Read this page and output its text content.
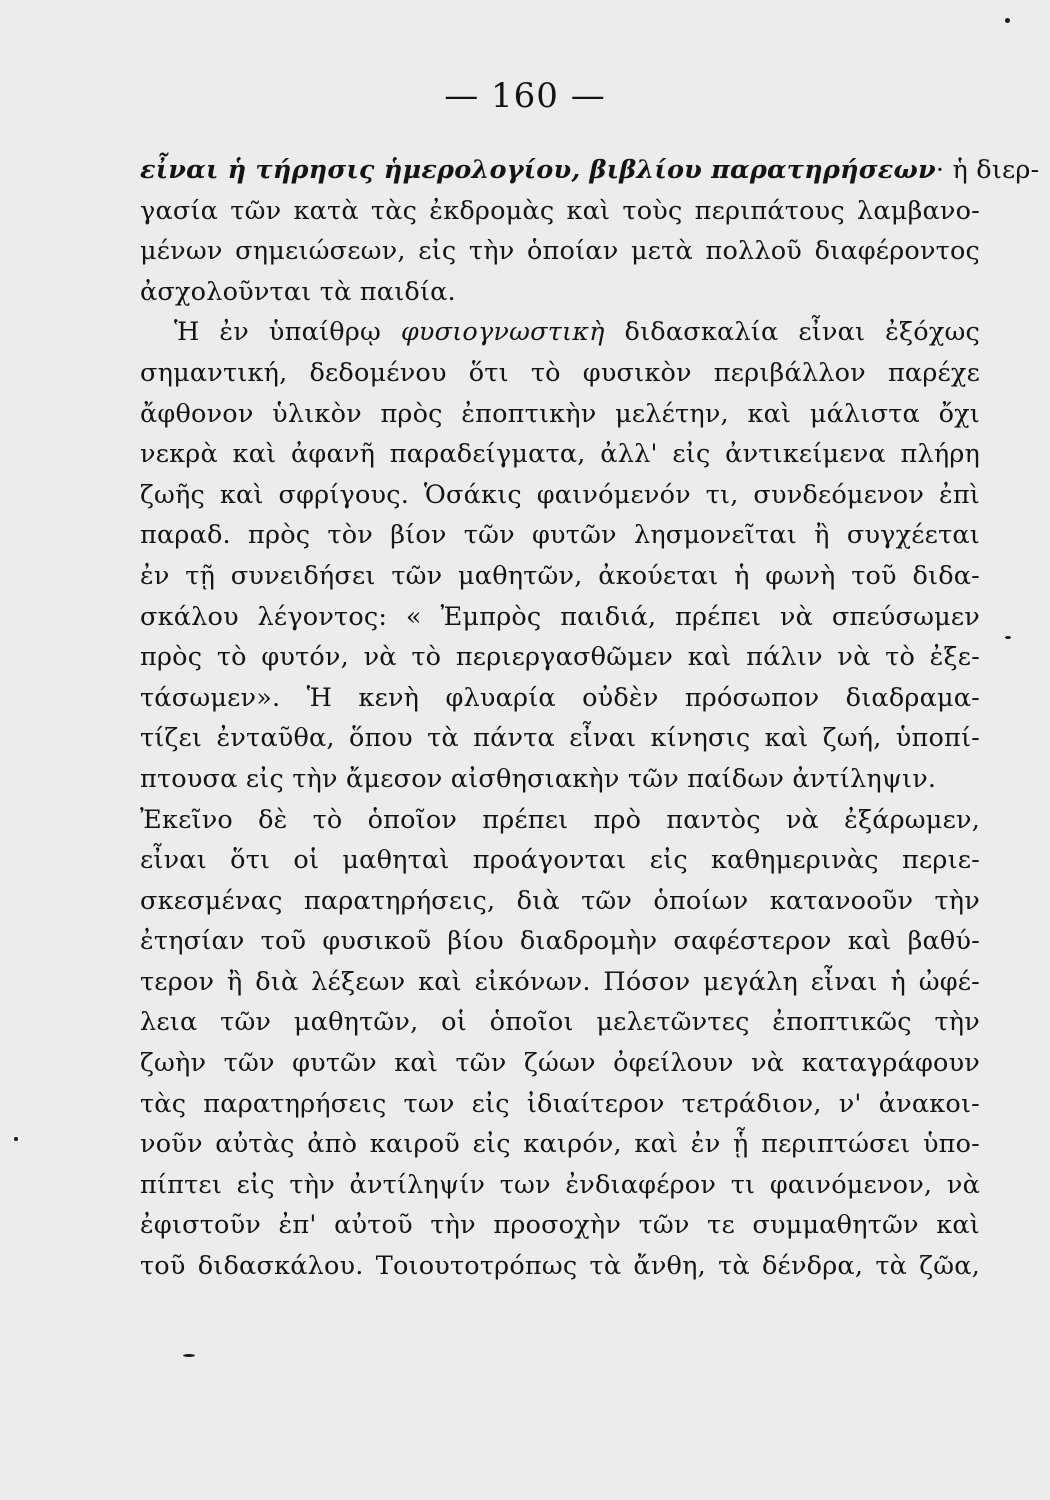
— 160 —
εἶναι ἡ τήρησις ἡμερολογίου, βιβλίου παρατηρήσεων· ἡ διερ-
γασία τῶν κατὰ τὰς ἐκδρομὰς καὶ τοὺς περιπάτους λαμβανο-
μένων σημειώσεων, εἰς τὴν ὁποίαν μετὰ πολλοῦ διαφέροντος
ἀσχολοῦνται τὰ παιδία.
Ἡ ἐν ὑπαίθρῳ φυσιογνωστικὴ διδασκαλία εἶναι ἐξόχως
σημαντική, δεδομένου ὅτι τὸ φυσικὸν περιβάλλον παρέχε
ἄφθονον ὑλικὸν πρὸς ἐποπτικὴν μελέτην, καὶ μάλιστα ὄχι
νεκρὰ καὶ ἀφανῆ παραδείγματα, ἀλλ' εἰς ἀντικείμενα πλήρη
ζωῆς καὶ σφρίγους. Ὁσάκις φαινόμενόν τι, συνδεόμενον ἐπὶ
παραδ. πρὸς τὸν βίον τῶν φυτῶν λησμονεῖται ἢ συγχέεται
ἐν τῇ συνειδήσει τῶν μαθητῶν, ἀκούεται ἡ φωνὴ τοῦ διδα-
σκάλου λέγοντος: « Ἐμπρὸς παιδιά, πρέπει νὰ σπεύσωμεν
πρὸς τὸ φυτόν, νὰ τὸ περιεργασθῶμεν καὶ πάλιν νὰ τὸ ἐξε-
τάσωμεν». Ἡ κενὴ φλυαρία οὐδὲν πρόσωπον διαδραμα-
τίζει ἐνταῦθα, ὅπου τὰ πάντα εἶναι κίνησις καὶ ζωή, ὑποπί-
πτουσα εἰς τὴν ἄμεσον αἰσθησιακὴν τῶν παίδων ἀντίληψιν.
Ἐκεῖνο δὲ τὸ ὁποῖον πρέπει πρὸ παντὸς νὰ ἐξάρωμεν,
εἶναι ὅτι οἱ μαθηταὶ προάγονται εἰς καθημερινὰς περιε-
σκεσμένας παρατηρήσεις, διὰ τῶν ὁποίων κατανοοῦν τὴν
ἐτησίαν τοῦ φυσικοῦ βίου διαδρομὴν σαφέστερον καὶ βαθύ-
τερον ἢ διὰ λέξεων καὶ εἰκόνων. Πόσον μεγάλη εἶναι ἡ ὠφέ-
λεια τῶν μαθητῶν, οἱ ὁποῖοι μελετῶντες ἐποπτικῶς τὴν
ζωὴν τῶν φυτῶν καὶ τῶν ζώων ὀφείλουν νὰ καταγράφουν
τὰς παρατηρήσεις των εἰς ἰδιαίτερον τετράδιον, ν' ἀνακοι-
νοῦν αὐτὰς ἀπὸ καιροῦ εἰς καιρόν, καὶ ἐν ᾗ περιπτώσει ὑπο-
πίπτει εἰς τὴν ἀντίληψίν των ἐνδιαφέρον τι φαινόμενον, νὰ
ἐφιστοῦν ἐπ' αὐτοῦ τὴν προσοχὴν τῶν τε συμμαθητῶν καὶ
τοῦ διδασκάλου. Τοιουτοτρόπως τὰ ἄνθη, τὰ δένδρα, τὰ ζῶα,
